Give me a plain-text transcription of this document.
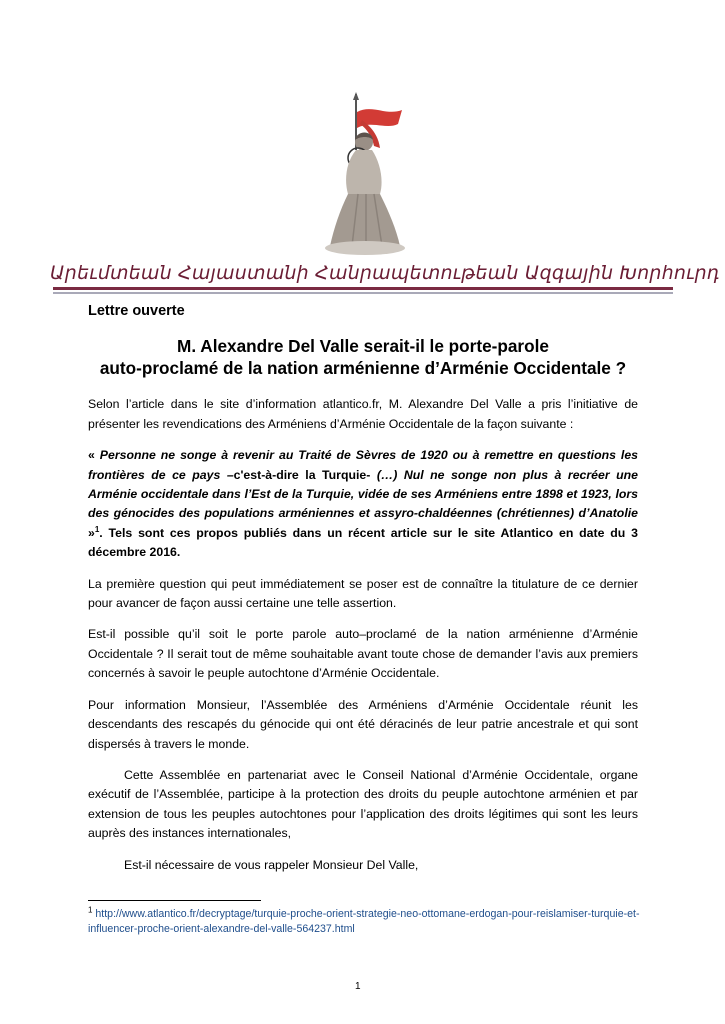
Արեւմտեան Հայաստանի Հանրապետութեան Ազգային Խորհուրդ
Lettre ouverte
M. Alexandre Del Valle serait-il le porte-parole
auto-proclamé de la nation arménienne d’Arménie Occidentale ?

Selon l’article dans le site d’information atlantico.fr, M. Alexandre Del Valle a pris l’initiative de présenter les revendications des Arméniens d’Arménie Occidentale de la façon suivante :

« Personne ne songe à revenir au Traité de Sèvres de 1920 ou à remettre en questions les frontières de ce pays –c'est-à-dire la Turquie- (…) Nul ne songe non plus à recréer une Arménie occidentale dans l’Est de la Turquie, vidée de ses Arméniens entre 1898 et 1923, lors des génocides des populations arméniennes et assyro-chaldéennes (chrétiennes) d’Anatolie »$^1$. Tels sont ces propos publiés dans un récent article sur le site Atlantico en date du 3 décembre 2016.

La première question qui peut immédiatement se poser est de connaître la titulature de ce dernier pour avancer de façon aussi certaine une telle assertion.

Est-il possible qu’il soit le porte parole auto–proclamé de la nation arménienne d’Arménie Occidentale ? Il serait tout de même souhaitable avant toute chose de demander l’avis aux premiers concernés à savoir le peuple autochtone d’Arménie Occidentale.

Pour information Monsieur, l’Assemblée des Arméniens d’Arménie Occidentale réunit les descendants des rescapés du génocide qui ont été déracinés de leur patrie ancestrale et qui sont dispersés à travers le monde.

Cette Assemblée en partenariat avec le Conseil National d’Arménie Occidentale, organe exécutif de l’Assemblée, participe à la protection des droits du peuple autochtone arménien et par extension de tous les peuples autochtones pour l’application des droits légitimes qui sont les leurs auprès des instances internationales,

Est-il nécessaire de vous rappeler Monsieur Del Valle,

$^1$ http://www.atlantico.fr/decryptage/turquie-proche-orient-strategie-neo-ottomane-erdogan-pour-reislamiser-turquie-et-influencer-proche-orient-alexandre-del-valle-564237.html
1
